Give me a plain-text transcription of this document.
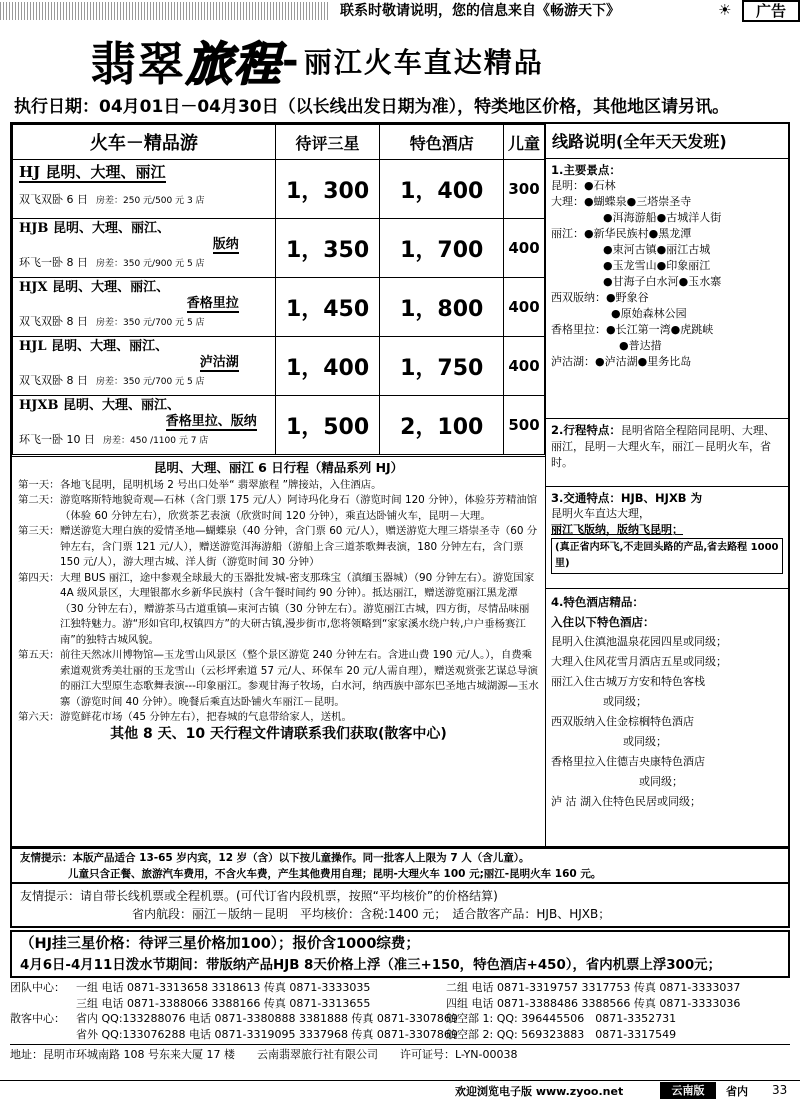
联系时敬请说明，您的信息来自《畅游天下》	☀	广告
翡翠旅程- 丽江火车直达精品
执行日期：04月01日－04月30日（以长线出发日期为准），特类地区价格，其他地区请另讯。
火车－精品游	待评三星	特色酒店	儿童

HJ 昆明、大理、丽江
双飞双卧 6 日 房差：250 元/500 元 3 店	1，300	1，400	300

HJB 昆明、大理、丽江、
版纳
环飞一卧 8 日 房差：350 元/900 元 5 店	1，350	1，700	400

HJX 昆明、大理、丽江、
香格里拉
双飞双卧 8 日 房差：350 元/700 元 5 店	1，450	1，800	400

HJL 昆明、大理、丽江、
泸沽湖
双飞双卧 8 日 房差：350 元/700 元 5 店	1，400	1，750	400

HJXB 昆明、大理、丽江、
香格里拉、版纳
环飞一卧 10 日 房差：450 /1100 元 7 店	1，500	2，100	500
昆明、大理、丽江 6 日行程（精品系列 HJ）
第一天： 各地飞昆明，昆明机场 2 号出口处举“ 翡翠旅程 ”牌接站，入住酒店。
第二天： 游览喀斯特地貌奇观—石林（含门票 175 元/人）阿诗玛化身石（游览时间 120 分钟），体验芬芳精油馆（体验 60 分钟左右），欣赏茶艺表演（欣赏时间 120 分钟），乘直达卧铺火车，昆明－大理。
第三天： 赠送游览大理白族的爱情圣地—蝴蝶泉（40 分钟，含门票 60 元/人），赠送游览大理三塔崇圣寺（60 分钟左右，含门票 121 元/人），赠送游览洱海游船（游船上含三道茶歌舞表演，180 分钟左右，含门票 150 元/人），游大理古城、洋人街（游览时间 30 分钟）
第四天： 大理 BUS 丽江，途中参观全球最大的玉器批发城-密支那珠宝（滇缅玉器城）（90 分钟左右）。游览国家 4A 级风景区，大理银都水乡新华民族村（含午餐时间约 90 分钟）。抵达丽江，赠送游览丽江黑龙潭（30 分钟左右），赠游茶马古道重镇—束河古镇（30 分钟左右）。游览丽江古城，四方街，尽情品味丽江独特魅力。游“形如官印,权镇四方”的大研古镇,漫步街市,您将领略到“家家溪水绕户转,户户垂杨赛江南”的独特古城风貌。
第五天： 前往天然冰川博物馆—玉龙雪山风景区（整个景区游览 240 分钟左右。含进山费 190 元/人。），自费乘索道观赏秀美壮丽的玉龙雪山（云杉坪索道 57 元/人、环保车 20 元/人需自理），赠送观赏张艺谋总导演的丽江大型原生态歌舞表演---印象丽江。参观甘海子牧场，白水河，纳西族中部东巴圣地古城湖源—玉水寨（游览时间 40 分钟）。晚餐后乘直达卧铺火车丽江－昆明。
第六天： 游览鲜花市场（45 分钟左右），把春城的气息带给家人，送机。
其他 8 天、10 天行程文件请联系我们获取(散客中心)
线路说明(全年天天发班)
1.主要景点：
昆明：●石林
大理：●蝴蝶泉●三塔崇圣寺
●洱海游船●古城洋人街
丽江：●新华民族村●黑龙潭
●束河古镇●丽江古城
●玉龙雪山●印象丽江
●甘海子白水河●玉水寨
西双版纳：●野象谷
●原始森林公园
香格里拉：●长江第一湾●虎跳峡
●普达措
泸沽湖：●泸沽湖●里务比岛
2.行程特点：昆明省陪全程陪同昆明、大理、丽江，昆明－大理火车，丽江－昆明火车，省时。
3.交通特点：HJB、HJXB 为
昆明火车直达大理，
丽江飞版纳，版纳飞昆明；
(真正省内环飞,不走回头路的产品,省去路程 1000 里)
4.特色酒店精品：
入住以下特色酒店：
昆明入住滇池温泉花园四星或同级；
大理入住风花雪月酒店五星或同级；
丽江入住古城万方安和特色客栈
或同级；
西双版纳入住金棕榈特色酒店
或同级；
香格里拉入住德吉央康特色酒店
或同级；
泸 沽 湖入住特色民居或同级；
友情提示：本版产品适合 13-65 岁内宾，12 岁（含）以下按儿童操作。同一批客人上限为 7 人（含儿童）。
儿童只含正餐、旅游汽车费用，不含火车费，产生其他费用自理；昆明-大理火车 100 元;丽江-昆明火车 160 元。
友情提示：请自带长线机票或全程机票。(可代订省内段机票，按照“平均核价”的价格结算)
省内航段：丽江－版纳－昆明　平均核价：含税:1400 元；　适合散客产品：HJB、HJXB；
（HJ挂三星价格：待评三星价格加100）；报价含1000综费；
4月6日-4月11日泼水节期间：带版纳产品HJB 8天价格上浮（准三+150，特色酒店+450），省内机票上浮300元；
团队中心：	一组 电话 0871-3313658 3318613 传真 0871-3333035	二组 电话 0871-3319757 3317753 传真 0871-3333037
三组 电话 0871-3388066 3388166 传真 0871-3313655	四组 电话 0871-3388486 3388566 传真 0871-3333036
散客中心：	省内 QQ:133288076 电话 0871-3380888 3381888 传真 0871-3307869
航空部 1: QQ: 396445506　0871-3352731
省外 QQ:133076288 电话 0871-3319095 3337968 传真 0871-3307869
航空部 2: QQ: 569323883　0871-3317549
地址：昆明市环城南路 108 号东来大厦 17 楼　　云南翡翠旅行社有限公司　　许可证号：L-YN-00038
欢迎浏览电子版 www.zyoo.net	云南版	省内 33
